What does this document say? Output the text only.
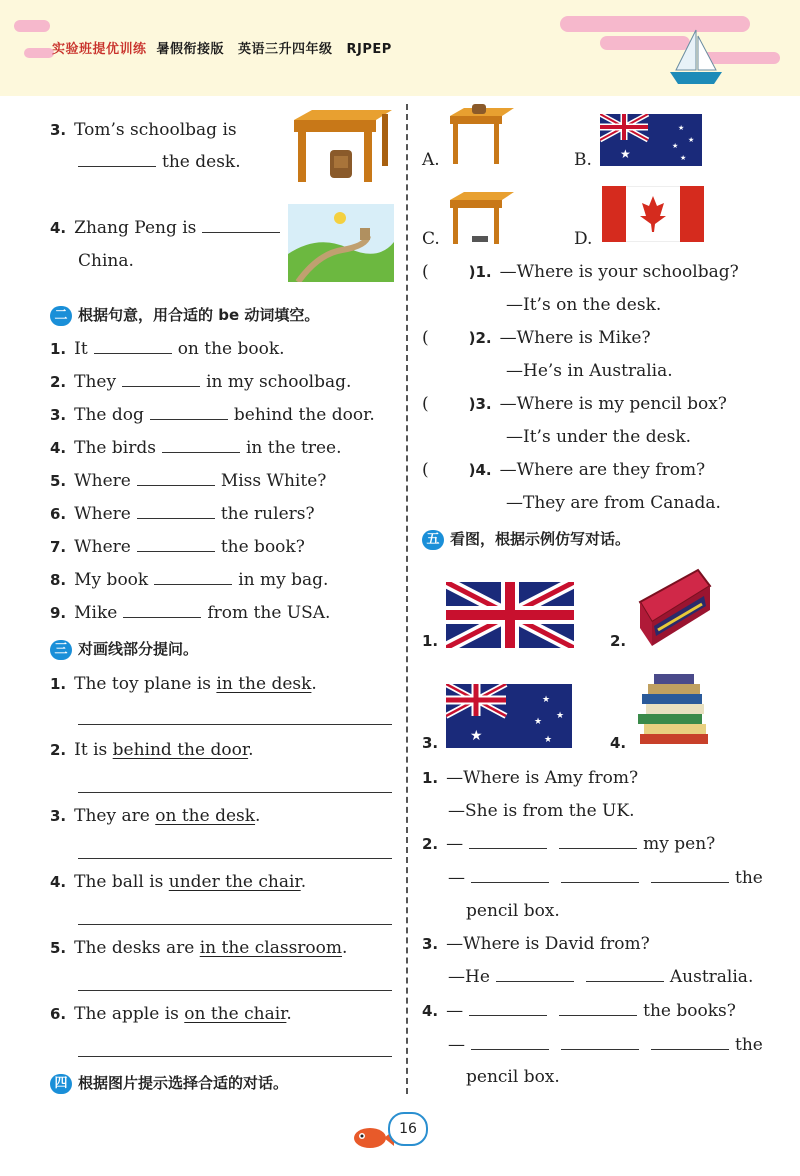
实验班提优训练 暑假衔接版 英语三升四年级 RJPEP
3. Tom’s schoolbag is
the desk.
4. Zhang Peng is
China.
二 根据句意，用合适的 be 动词填空。
1. It	on the book.
2. They	in my schoolbag.
3. The dog	behind the door.
4. The birds	in the tree.
5. Where	Miss White?
6. Where	the rulers?
7. Where	the book?
8. My book	in my bag.
9. Mike	from the USA.
三 对画线部分提问。
1. The toy plane is in the desk.
2. It is behind the door.
3. They are on the desk.
4. The ball is under the chair.
5. The desks are in the classroom.
6. The apple is on the chair.
四 根据图片提示选择合适的对话。
A.	B. ★
★
★
★
★
C.	D.
(	)1. —Where is your schoolbag?
—It’s on the desk.
(	)2. —Where is Mike?
—He’s in Australia.
(	)3. —Where is my pencil box?
—It’s under the desk.
(	)4. —Where are they from?
—They are from Canada.
五 看图，根据示例仿写对话。
1.	2.
3. ★
★
★
★
★	4.
1. —Where is Amy from?
—She is from the UK.
2. —	my pen?
—	the
pencil box.
3. —Where is David from?
—He	Australia.
4. —	the books?
—	the
pencil box.
16
